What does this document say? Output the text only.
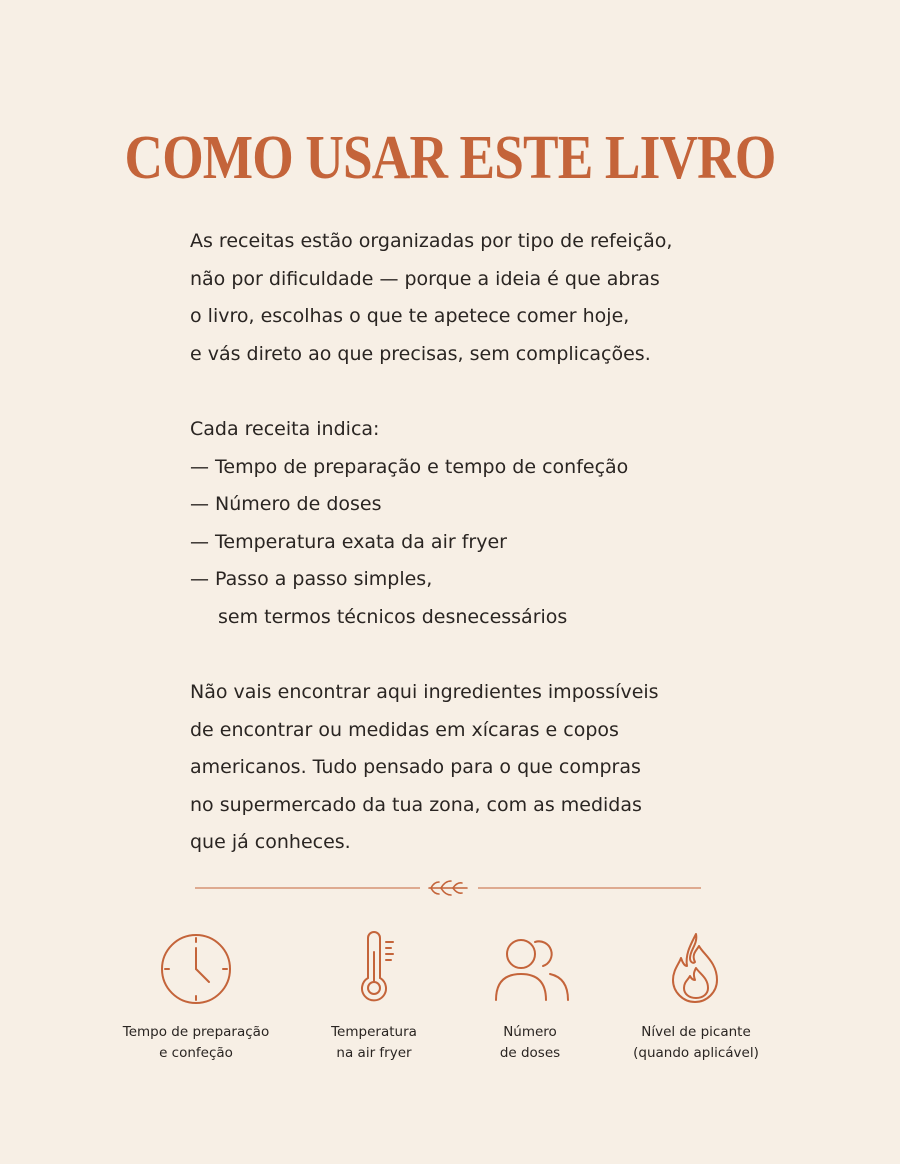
COMO USAR ESTE LIVRO

As receitas estão organizadas por tipo de refeição,
não por dificuldade — porque a ideia é que abras
o livro, escolhas o que te apetece comer hoje,
e vás direto ao que precisas, sem complicações.

Cada receita indica:
— Tempo de preparação e tempo de confeção
— Número de doses
— Temperatura exata da air fryer
— Passo a passo simples,
sem termos técnicos desnecessários

Não vais encontrar aqui ingredientes impossíveis
de encontrar ou medidas em xícaras e copos
americanos. Tudo pensado para o que compras
no supermercado da tua zona, com as medidas
que já conheces.

Tempo de preparação
e confeção
Temperatura
na air fryer
Número
de doses
Nível de picante
(quando aplicável)
